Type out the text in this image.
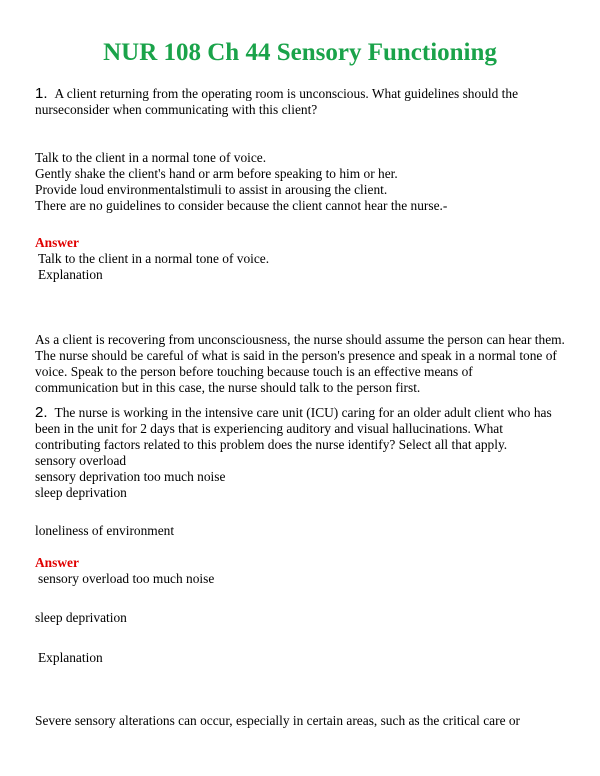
NUR 108 Ch 44 Sensory Functioning
1. A client returning from the operating room is unconscious. What guidelines should the
nurseconsider when communicating with this client?
Talk to the client in a normal tone of voice.
Gently shake the client's hand or arm before speaking to him or her.
Provide loud environmentalstimuli to assist in arousing the client.
There are no guidelines to consider because the client cannot hear the nurse.-
Answer
Talk to the client in a normal tone of voice.
Explanation
As a client is recovering from unconsciousness, the nurse should assume the person can hear them.
The nurse should be careful of what is said in the person's presence and speak in a normal tone of
voice. Speak to the person before touching because touch is an effective means of
communication but in this case, the nurse should talk to the person first.
2. The nurse is working in the intensive care unit (ICU) caring for an older adult client who has
been in the unit for 2 days that is experiencing auditory and visual hallucinations. What
contributing factors related to this problem does the nurse identify? Select all that apply.
sensory overload
sensory deprivation too much noise
sleep deprivation
loneliness of environment
Answer
sensory overload too much noise
sleep deprivation
Explanation
Severe sensory alterations can occur, especially in certain areas, such as the critical care or
